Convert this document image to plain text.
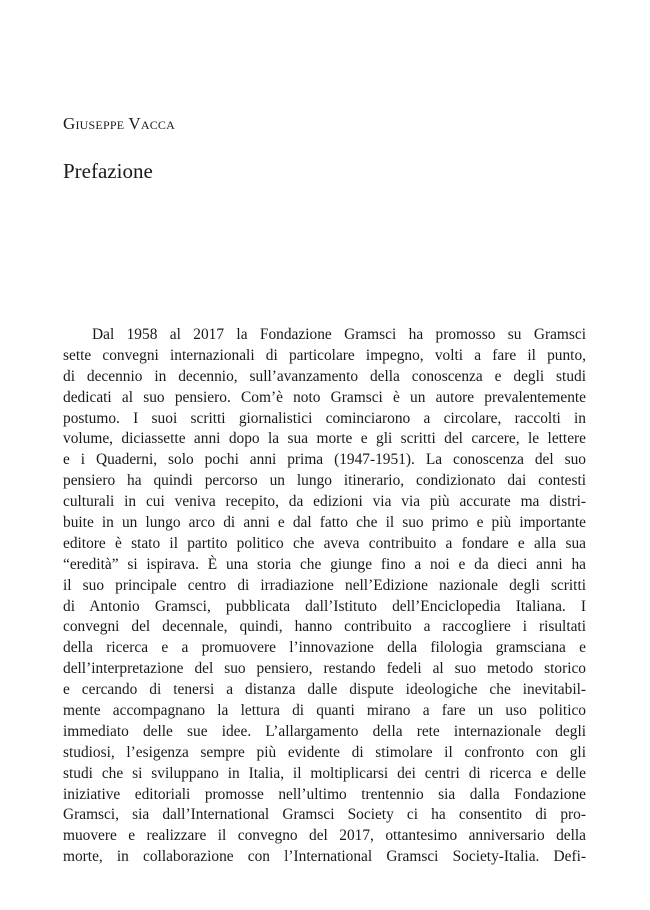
Giuseppe Vacca
Prefazione
Dal 1958 al 2017 la Fondazione Gramsci ha promosso su Gramsci
sette convegni internazionali di particolare impegno, volti a fare il punto,
di decennio in decennio, sull’avanzamento della conoscenza e degli studi
dedicati al suo pensiero. Com’è noto Gramsci è un autore prevalentemente
postumo. I suoi scritti giornalistici cominciarono a circolare, raccolti in
volume, diciassette anni dopo la sua morte e gli scritti del carcere, le lettere
e i Quaderni, solo pochi anni prima (1947-1951). La conoscenza del suo
pensiero ha quindi percorso un lungo itinerario, condizionato dai contesti
culturali in cui veniva recepito, da edizioni via via più accurate ma distri-
buite in un lungo arco di anni e dal fatto che il suo primo e più importante
editore è stato il partito politico che aveva contribuito a fondare e alla sua
“eredità” si ispirava. È una storia che giunge fino a noi e da dieci anni ha
il suo principale centro di irradiazione nell’Edizione nazionale degli scritti
di Antonio Gramsci, pubblicata dall’Istituto dell’Enciclopedia Italiana. I
convegni del decennale, quindi, hanno contribuito a raccogliere i risultati
della ricerca e a promuovere l’innovazione della filologia gramsciana e
dell’interpretazione del suo pensiero, restando fedeli al suo metodo storico
e cercando di tenersi a distanza dalle dispute ideologiche che inevitabil-
mente accompagnano la lettura di quanti mirano a fare un uso politico
immediato delle sue idee. L’allargamento della rete internazionale degli
studiosi, l’esigenza sempre più evidente di stimolare il confronto con gli
studi che si sviluppano in Italia, il moltiplicarsi dei centri di ricerca e delle
iniziative editoriali promosse nell’ultimo trentennio sia dalla Fondazione
Gramsci, sia dall’International Gramsci Society ci ha consentito di pro-
muovere e realizzare il convegno del 2017, ottantesimo anniversario della
morte, in collaborazione con l’International Gramsci Society-Italia. Defi-
